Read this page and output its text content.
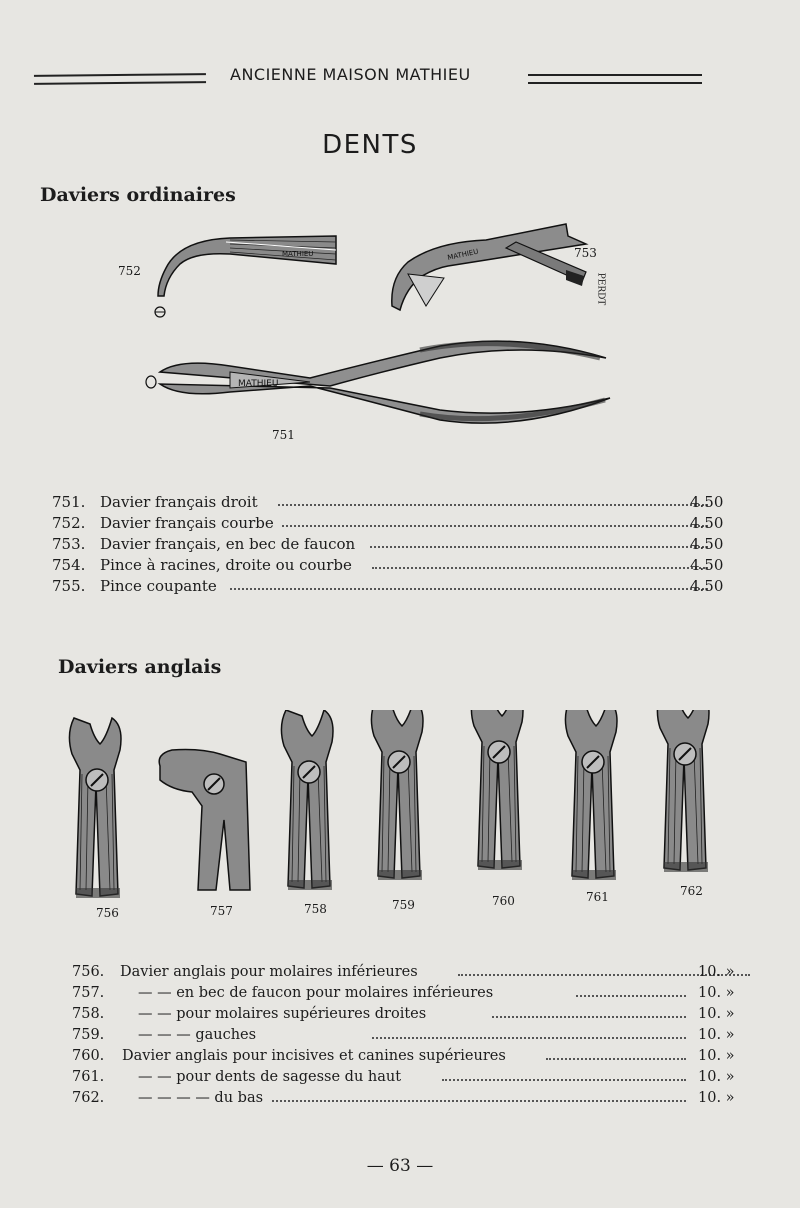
ANCIENNE MAISON MATHIEU
DENTS
Daviers ordinaires
MATHIEU
752
MATHIEU	753
PERDT
MATHIEU
751
751. Davier français droit	4.50
752. Davier français courbe	4.50
753. Davier français, en bec de faucon	4.50
754. Pince à racines, droite ou courbe	4.50
755. Pince coupante	4.50
Daviers anglais
756	757	758	759	760	761	762
756. Davier anglais pour molaires inférieures	10. »
757. — — en bec de faucon pour molaires inférieures	10. »
758. — — pour molaires supérieures droites	10. »
759. — — — gauches	10. »
760. Davier anglais pour incisives et canines supérieures	10. »
761. — — pour dents de sagesse du haut	10. »
762. — — — — du bas	10. »
— 63 —
